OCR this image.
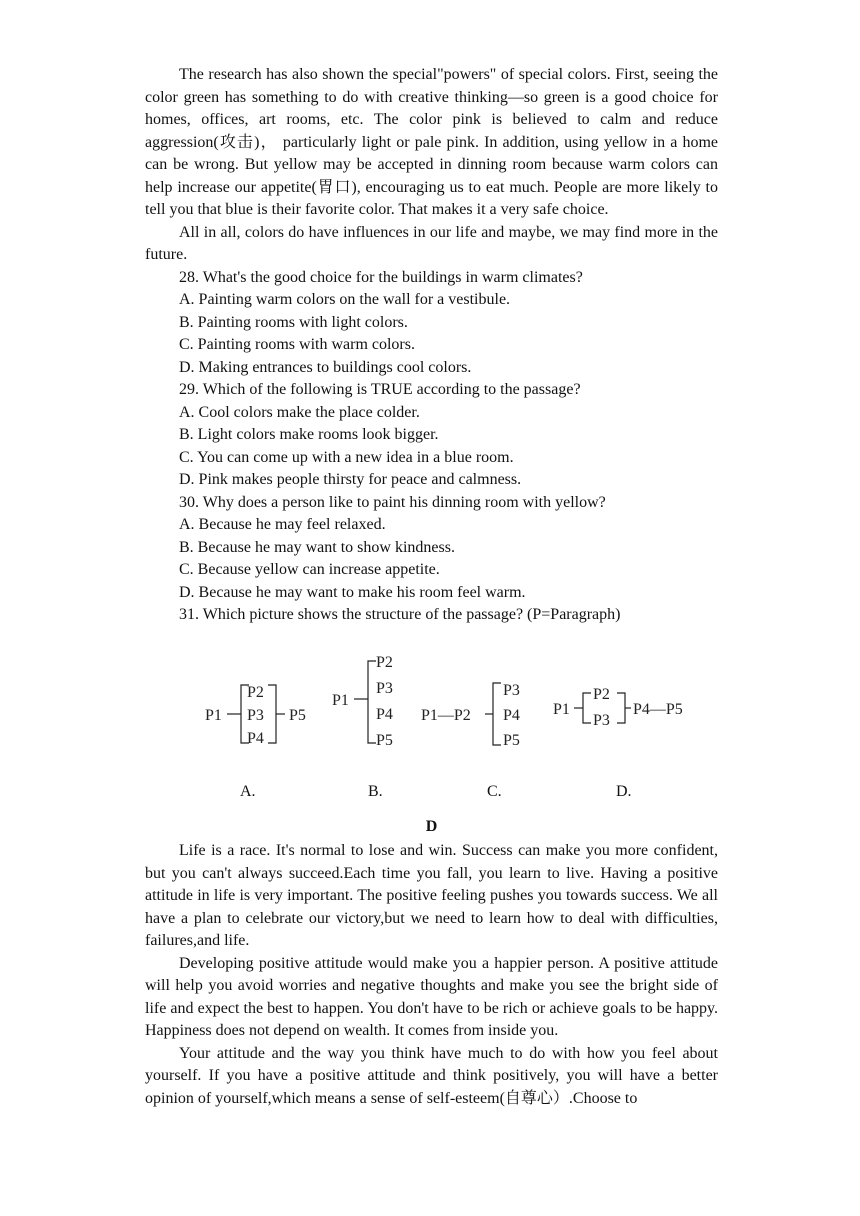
The research has also shown the special"powers" of special colors. First, seeing the color green has something to do with creative thinking—so green is a good choice for homes, offices, art rooms, etc. The color pink is believed to calm and reduce aggression(攻击)， particularly light or pale pink. In addition, using yellow in a home can be wrong. But yellow may be accepted in dinning room because warm colors can help increase our appetite(胃口), encouraging us to eat much. People are more likely to tell you that blue is their favorite color. That makes it a very safe choice.

All in all, colors do have influences in our life and maybe, we may find more in the future.

28. What's the good choice for the buildings in warm climates?

A. Painting warm colors on the wall for a vestibule.

B. Painting rooms with light colors.

C. Painting rooms with warm colors.

D. Making entrances to buildings cool colors.

29. Which of the following is TRUE according to the passage?

A. Cool colors make the place colder.

B. Light colors make rooms look bigger.

C. You can come up with a new idea in a blue room.

D. Pink makes people thirsty for peace and calmness.

30. Why does a person like to paint his dinning room with yellow?

A. Because he may feel relaxed.

B. Because he may want to show kindness.

C. Because yellow can increase appetite.

D. Because he may want to make his room feel warm.

31. Which picture shows the structure of the passage? (P=Paragraph)

P1
P2
P3
P4
P5
P1
P2
P3
P4
P5
P1—P2
P3
P4
P5
P1
P2
P3
P4—P5
A.	B.	C.	D.

D

Life is a race. It's normal to lose and win. Success can make you more confident, but you can't always succeed.Each time you fall, you learn to live. Having a positive attitude in life is very important. The positive feeling pushes you towards success. We all have a plan to celebrate our victory,but we need to learn how to deal with difficulties, failures,and life.

Developing positive attitude would make you a happier person. A positive attitude will help you avoid worries and negative thoughts and make you see the bright side of life and expect the best to happen. You don't have to be rich or achieve goals to be happy. Happiness does not depend on wealth. It comes from inside you.

Your attitude and the way you think have much to do with how you feel about yourself. If you have a positive attitude and think positively, you will have a better opinion of yourself,which means a sense of self-esteem(自尊心）.Choose to
